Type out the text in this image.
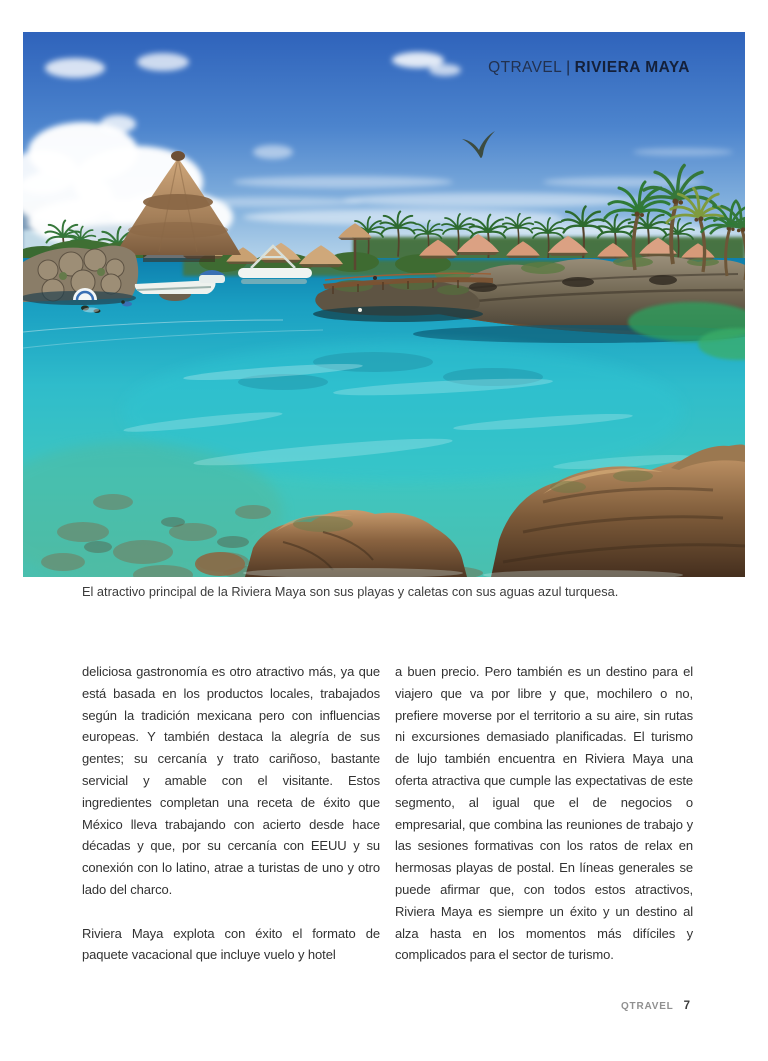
QTRAVEL | RIVIERA MAYA
El atractivo principal de la Riviera Maya son sus playas y caletas con sus aguas azul turquesa.

deliciosa gastronomía es otro atractivo más, ya que está basada en los productos locales, trabajados según la tradición mexicana pero con influencias europeas. Y también destaca la alegría de sus gentes; su cercanía y trato cariñoso, bastante servicial y amable con el visitante. Estos ingredientes completan una receta de éxito que México lleva trabajando con acierto desde hace décadas y que, por su cercanía con EEUU y su conexión con lo latino, atrae a turistas de uno y otro lado del charco.

Riviera Maya explota con éxito el formato de paquete vacacional que incluye vuelo y hotel

a buen precio. Pero también es un destino para el viajero que va por libre y que, mochilero o no, prefiere moverse por el territorio a su aire, sin rutas ni excursiones demasiado planificadas. El turismo de lujo también encuentra en Riviera Maya una oferta atractiva que cumple las expectativas de este segmento, al igual que el de negocios o empresarial, que combina las reuniones de trabajo y las sesiones formativas con los ratos de relax en hermosas playas de postal. En líneas generales se puede afirmar que, con todos estos atractivos, Riviera Maya es siempre un éxito y un destino al alza hasta en los momentos más difíciles y complicados para el sector de turismo.

QTRAVEL 7
